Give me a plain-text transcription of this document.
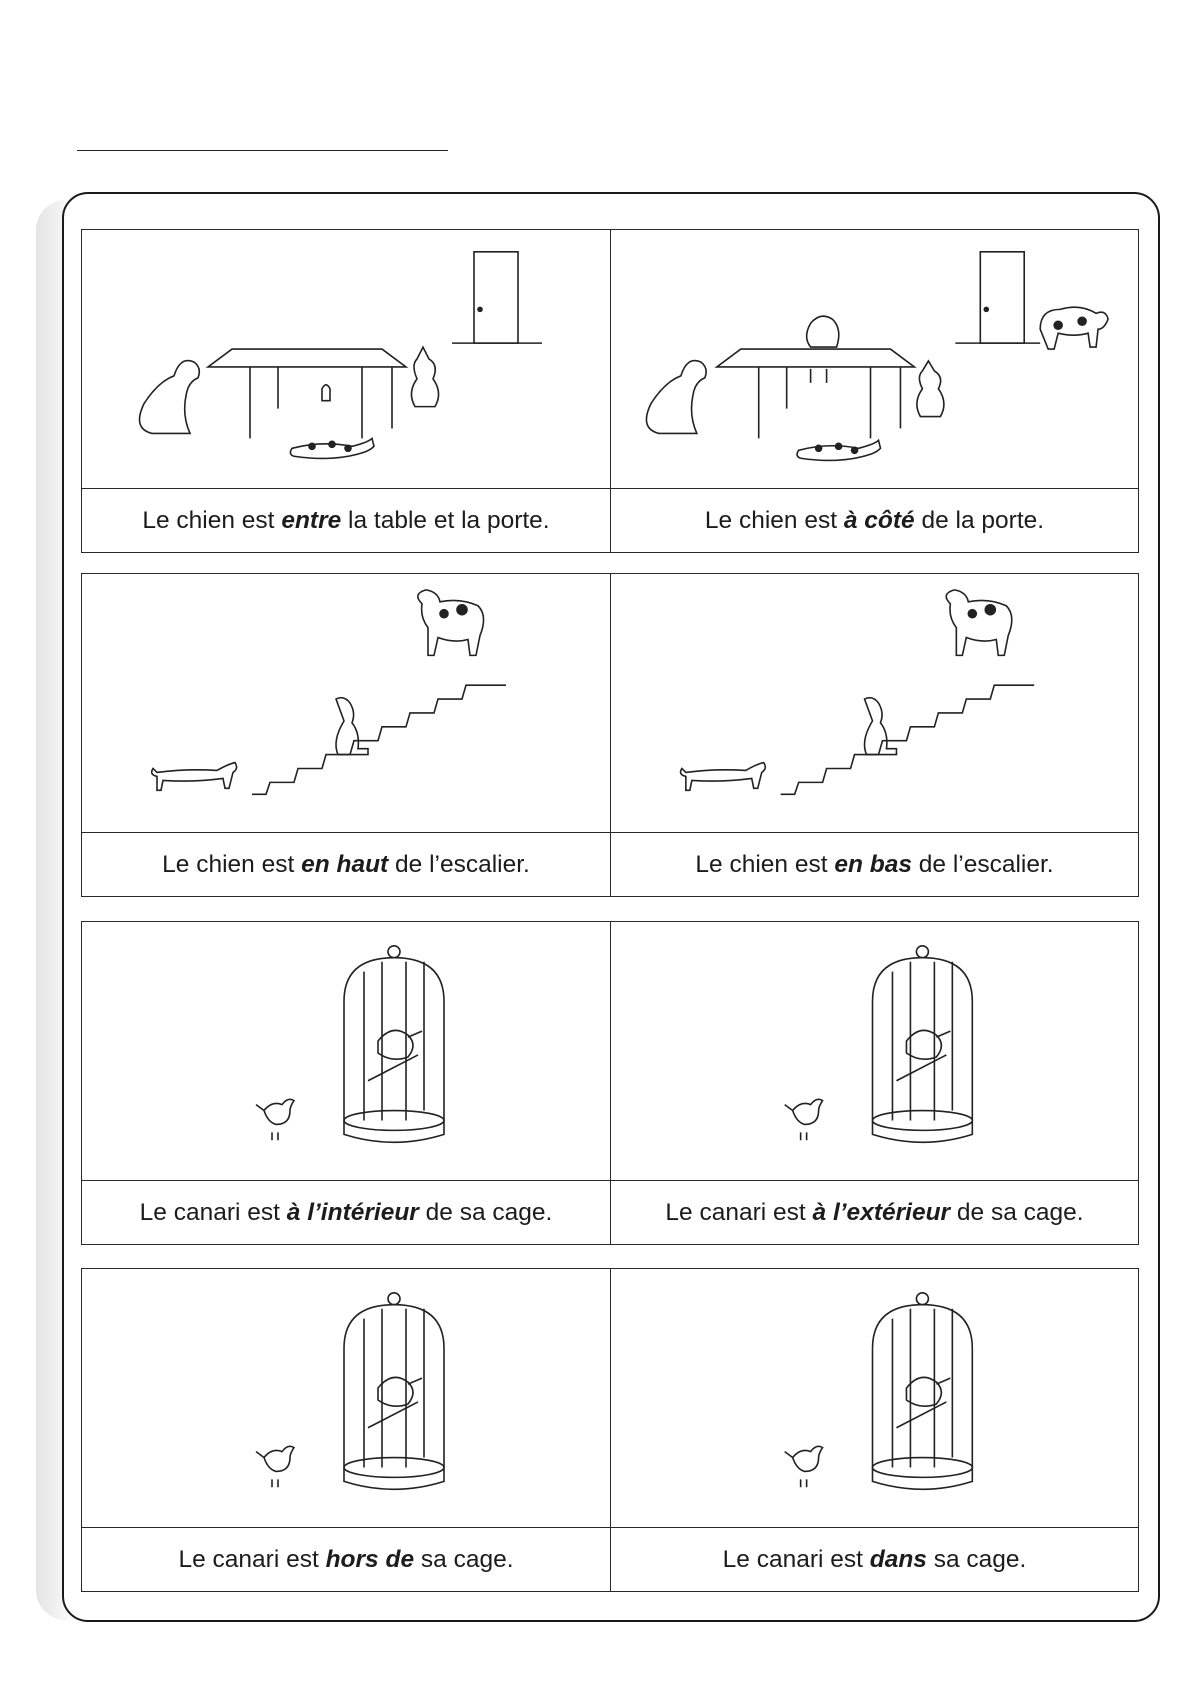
Le chien est entre la table et la porte.	Le chien est à côté de la porte.
Le chien est en haut de l’escalier.	Le chien est en bas de l’escalier.
Le canari est à l’intérieur de sa cage.	Le canari est à l’extérieur de sa cage.
Le canari est hors de sa cage.	Le canari est dans sa cage.
